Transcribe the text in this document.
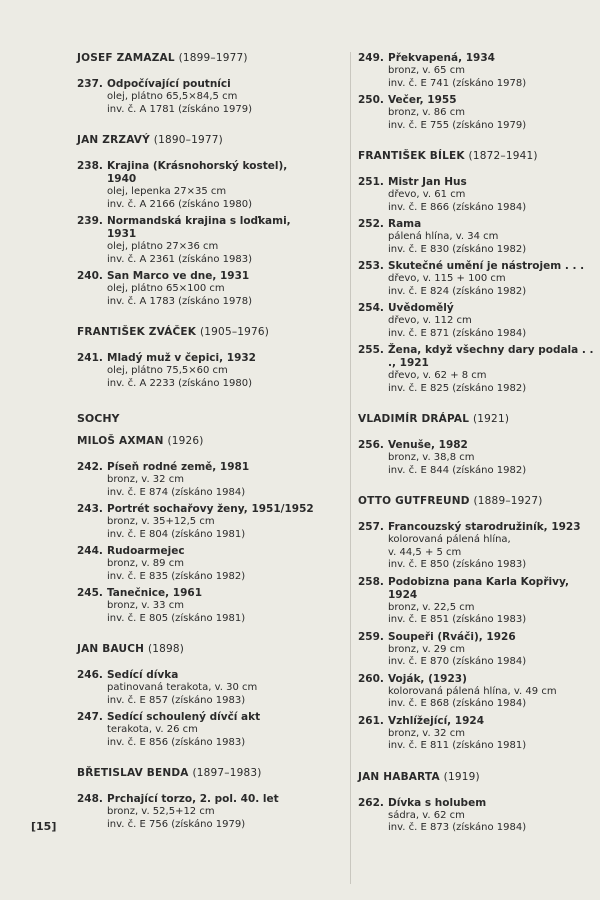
JOSEF ZAMAZAL (1899–1977)
237. Odpočívající poutníci
olej, plátno 65,5×84,5 cm
inv. č. A 1781 (získáno 1979)
JAN ZRZAVÝ (1890–1977)
238. Krajina (Krásnohorský kostel), 1940
olej, lepenka 27×35 cm
inv. č. A 2166 (získáno 1980)
239. Normandská krajina s loďkami, 1931
olej, plátno 27×36 cm
inv. č. A 2361 (získáno 1983)
240. San Marco ve dne, 1931
olej, plátno 65×100 cm
inv. č. A 1783 (získáno 1978)
FRANTIŠEK ZVÁČEK (1905–1976)
241. Mladý muž v čepici, 1932
olej, plátno 75,5×60 cm
inv. č. A 2233 (získáno 1980)
SOCHY
MILOŠ AXMAN (1926)
242. Píseň rodné země, 1981
bronz, v. 32 cm
inv. č. E 874 (získáno 1984)
243. Portrét sochařovy ženy, 1951/1952
bronz, v. 35+12,5 cm
inv. č. E 804 (získáno 1981)
244. Rudoarmejec
bronz, v. 89 cm
inv. č. E 835 (získáno 1982)
245. Tanečnice, 1961
bronz, v. 33 cm
inv. č. E 805 (získáno 1981)
JAN BAUCH (1898)
246. Sedící dívka
patinovaná terakota, v. 30 cm
inv. č. E 857 (získáno 1983)
247. Sedící schoulený dívčí akt
terakota, v. 26 cm
inv. č. E 856 (získáno 1983)
BŘETISLAV BENDA (1897–1983)
248. Prchající torzo, 2. pol. 40. let
bronz, v. 52,5+12 cm
inv. č. E 756 (získáno 1979)
249. Překvapená, 1934
bronz, v. 65 cm
inv. č. E 741 (získáno 1978)
250. Večer, 1955
bronz, v. 86 cm
inv. č. E 755 (získáno 1979)
FRANTIŠEK BÍLEK (1872–1941)
251. Mistr Jan Hus
dřevo, v. 61 cm
inv. č. E 866 (získáno 1984)
252. Rama
pálená hlína, v. 34 cm
inv. č. E 830 (získáno 1982)
253. Skutečné umění je nástrojem . . .
dřevo, v. 115 + 100 cm
inv. č. E 824 (získáno 1982)
254. Uvědomělý
dřevo, v. 112 cm
inv. č. E 871 (získáno 1984)
255. Žena, když všechny dary podala . . ., 1921
dřevo, v. 62 + 8 cm
inv. č. E 825 (získáno 1982)
VLADIMÍR DRÁPAL (1921)
256. Venuše, 1982
bronz, v. 38,8 cm
inv. č. E 844 (získáno 1982)
OTTO GUTFREUND (1889–1927)
257. Francouzský starodružiník, 1923
kolorovaná pálená hlína,
v. 44,5 + 5 cm
inv. č. E 850 (získáno 1983)
258. Podobizna pana Karla Kopřivy, 1924
bronz, v. 22,5 cm
inv. č. E 851 (získáno 1983)
259. Soupeři (Rváči), 1926
bronz, v. 29 cm
inv. č. E 870 (získáno 1984)
260. Voják, (1923)
kolorovaná pálená hlína, v. 49 cm
inv. č. E 868 (získáno 1984)
261. Vzhlížející, 1924
bronz, v. 32 cm
inv. č. E 811 (získáno 1981)
JAN HABARTA (1919)
262. Dívka s holubem
sádra, v. 62 cm
inv. č. E 873 (získáno 1984)
[15]
